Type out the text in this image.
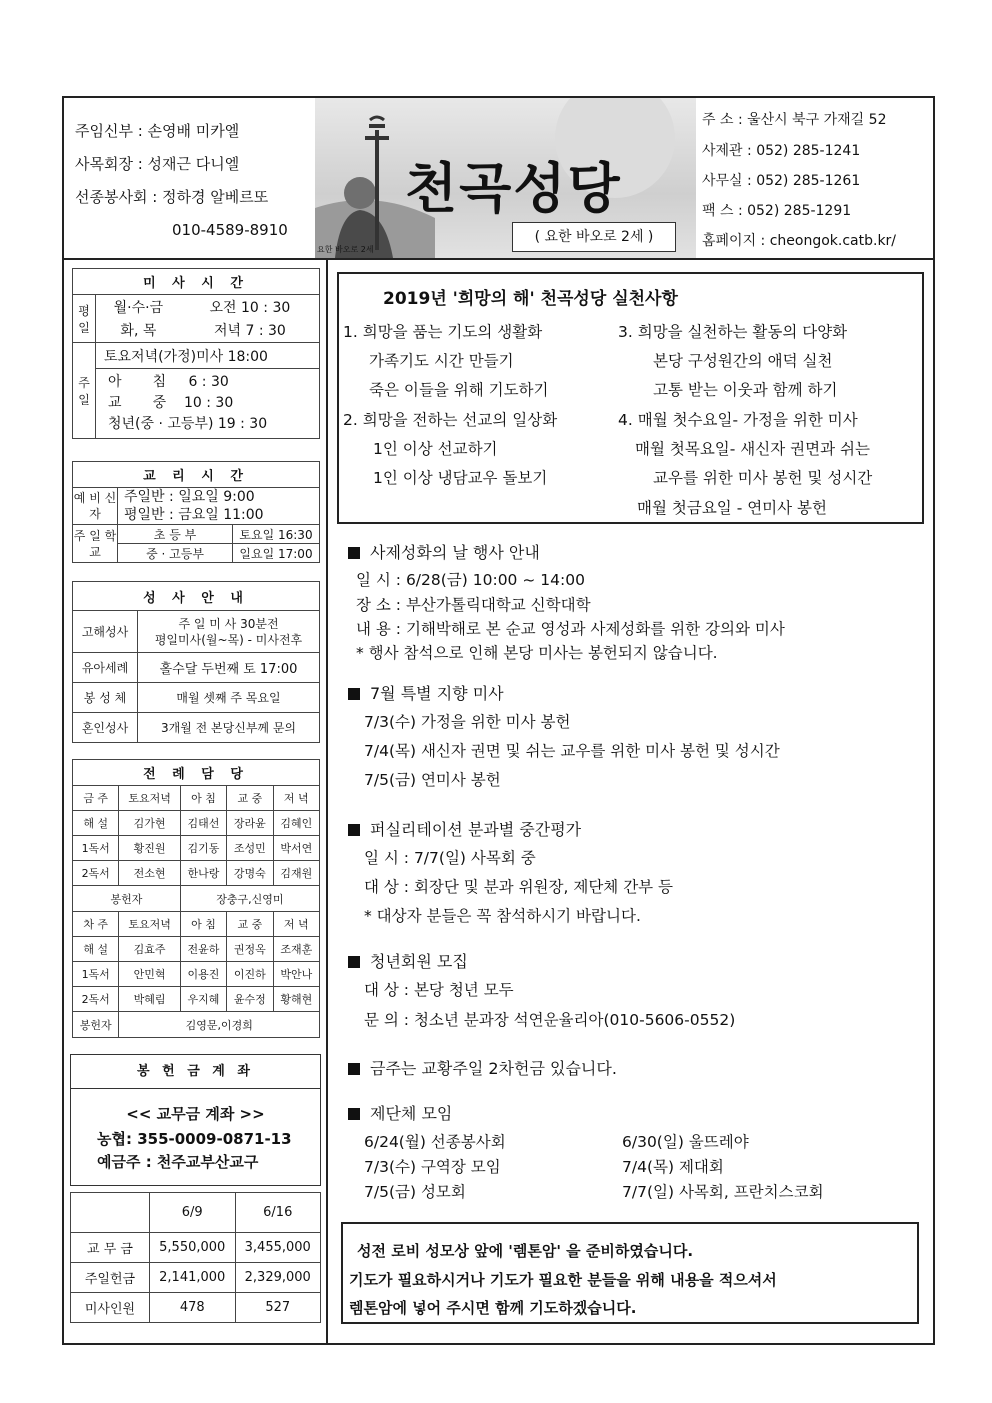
주임신부 : 손영배 미카엘
사목회장 : 성재근 다니엘
선종봉사회 : 정하경 알베르또
010-4589-8910
요한 바오로 2세
천곡성당
( 요한 바오로 2세 )
주 소 : 울산시 북구 가재길 52
사제관 : 052) 285-1241
사무실 : 052) 285-1261
팩 스 : 052) 285-1291
홈페이지 : cheongok.catb.kr/
미 사 시 간		
평일	월·수·금	오전 10 : 30
	화, 목	저녁 7 : 30
주일	토요저녁(가정)미사 18:00	

	아       침     6 : 30
교       중    10 : 30
청년(중 · 고등부) 19 : 30	
교 리 시 간		
예 비 신 자	주일반 : 일요일 9:00
평일반 : 금요일 11:00	

주 일 학 교	초 등 부	토요일 16:30
	중 · 고등부	일요일 17:00
성 사 안 내	
고해성사	주 일 미 사 30분전
평일미사(월~목) - 미사전후
유아세례	홀수달 두번째 토 17:00
봉 성 체	매월 셋째 주 목요일
혼인성사	3개월 전 본당신부께 문의
전 례 담 당				
금 주	토요저녁	아 침	교 중	저 녁
해 설	김가현	김태선	장라윤	김혜인
1독서	황진원	김기동	조성민	박서연
2독서	전소현	한나랑	강명숙	김재원
봉헌자		장충구,신영미		
차 주	토요저녁	아 침	교 중	저 녁
해 설	김효주	전윤하	권정옥	조재훈
1독서	안민혁	이용진	이진하	박안나
2독서	박혜림	우지혜	윤수정	황해현
봉헌자	김영문,이경희			
봉 헌 금 계 좌
<< 교무금 계좌 >>
농협: 355-0009-0871-13
예금주 : 천주교부산교구
	6/9	6/16
교 무 금	5,550,000	3,455,000
주일헌금	2,141,000	2,329,000
미사인원	478	527
2019년 '희망의 해' 천곡성당 실천사항
1. 희망을 품는 기도의 생활화
가족기도 시간 만들기
죽은 이들을 위해 기도하기
2. 희망을 전하는 선교의 일상화
1인 이상 선교하기
1인 이상 냉담교우 돌보기
3. 희망을 실천하는 활동의 다양화
본당 구성원간의 애덕 실천
고통 받는 이웃과 함께 하기
4. 매월 첫수요일- 가정을 위한 미사
매월 첫목요일- 새신자 권면과 쉬는
교우를 위한 미사 봉헌 및 성시간
매월 첫금요일 - 연미사 봉헌
사제성화의 날 행사 안내
일 시 : 6/28(금) 10:00 ~ 14:00
장 소 : 부산가톨릭대학교 신학대학
내 용 : 기해박해로 본 순교 영성과 사제성화를 위한 강의와 미사
* 행사 참석으로 인해 본당 미사는 봉헌되지 않습니다.
7월 특별 지향 미사
7/3(수) 가정을 위한 미사 봉헌
7/4(목) 새신자 권면 및 쉬는 교우를 위한 미사 봉헌 및 성시간
7/5(금) 연미사 봉헌
퍼실리테이션 분과별 중간평가
일 시 : 7/7(일) 사목회 중
대 상 : 회장단 및 분과 위원장, 제단체 간부 등
* 대상자 분들은 꼭 참석하시기 바랍니다.
청년회원 모집
대 상 : 본당 청년 모두
문 의 : 청소년 분과장 석연운율리아(010-5606-0552)
금주는 교황주일 2차헌금 있습니다.
제단체 모임
6/24(월) 선종봉사회
7/3(수) 구역장 모임
7/5(금) 성모회
6/30(일) 울뜨레야
7/4(목) 제대회
7/7(일) 사목회, 프란치스코회
성전 로비 성모상 앞에 '렘톤암' 을 준비하였습니다.
기도가 필요하시거나 기도가 필요한 분들을 위해 내용을 적으셔서
렘톤암에 넣어 주시면 함께 기도하겠습니다.
